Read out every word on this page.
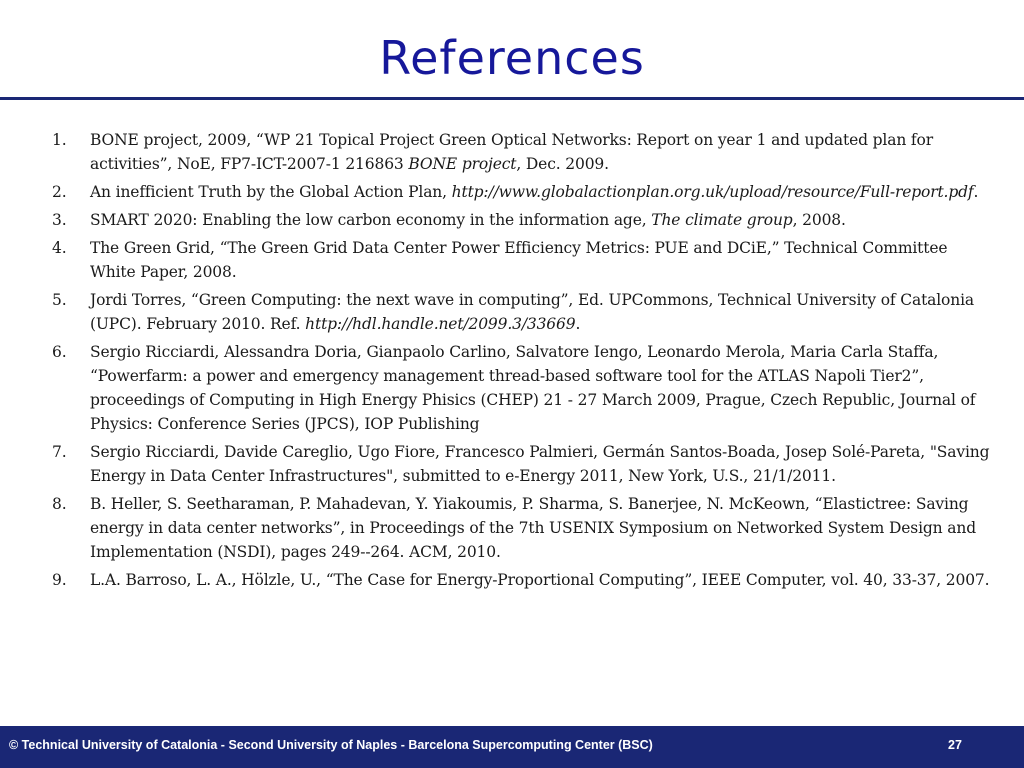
References
1. BONE project, 2009, “WP 21 Topical Project Green Optical Networks: Report on year 1 and updated plan for activities”, NoE, FP7-ICT-2007-1 216863 BONE project, Dec. 2009.
2. An inefficient Truth by the Global Action Plan, http://www.globalactionplan.org.uk/upload/resource/Full-report.pdf.
3. SMART 2020: Enabling the low carbon economy in the information age, The climate group, 2008.
4. The Green Grid, “The Green Grid Data Center Power Efficiency Metrics: PUE and DCiE,” Technical Committee White Paper, 2008.
5. Jordi Torres, “Green Computing: the next wave in computing”, Ed. UPCommons, Technical University of Catalonia (UPC). February 2010. Ref. http://hdl.handle.net/2099.3/33669.
6. Sergio Ricciardi, Alessandra Doria, Gianpaolo Carlino, Salvatore Iengo, Leonardo Merola, Maria Carla Staffa, “Powerfarm: a power and emergency management thread-based software tool for the ATLAS Napoli Tier2”, proceedings of Computing in High Energy Phisics (CHEP) 21 - 27 March 2009, Prague, Czech Republic, Journal of Physics: Conference Series (JPCS), IOP Publishing
7. Sergio Ricciardi, Davide Careglio, Ugo Fiore, Francesco Palmieri, Germán Santos-Boada, Josep Solé-Pareta, "Saving Energy in Data Center Infrastructures", submitted to e-Energy 2011, New York, U.S., 21/1/2011.
8. B. Heller, S. Seetharaman, P. Mahadevan, Y. Yiakoumis, P. Sharma, S. Banerjee, N. McKeown, “Elastictree: Saving energy in data center networks”, in Proceedings of the 7th USENIX Symposium on Networked System Design and Implementation (NSDI), pages 249--264. ACM, 2010.
9. L.A. Barroso, L. A., Hölzle, U., “The Case for Energy-Proportional Computing”, IEEE Computer, vol. 40, 33-37, 2007.
© Technical University of Catalonia - Second University of Naples - Barcelona Supercomputing Center (BSC)	27
